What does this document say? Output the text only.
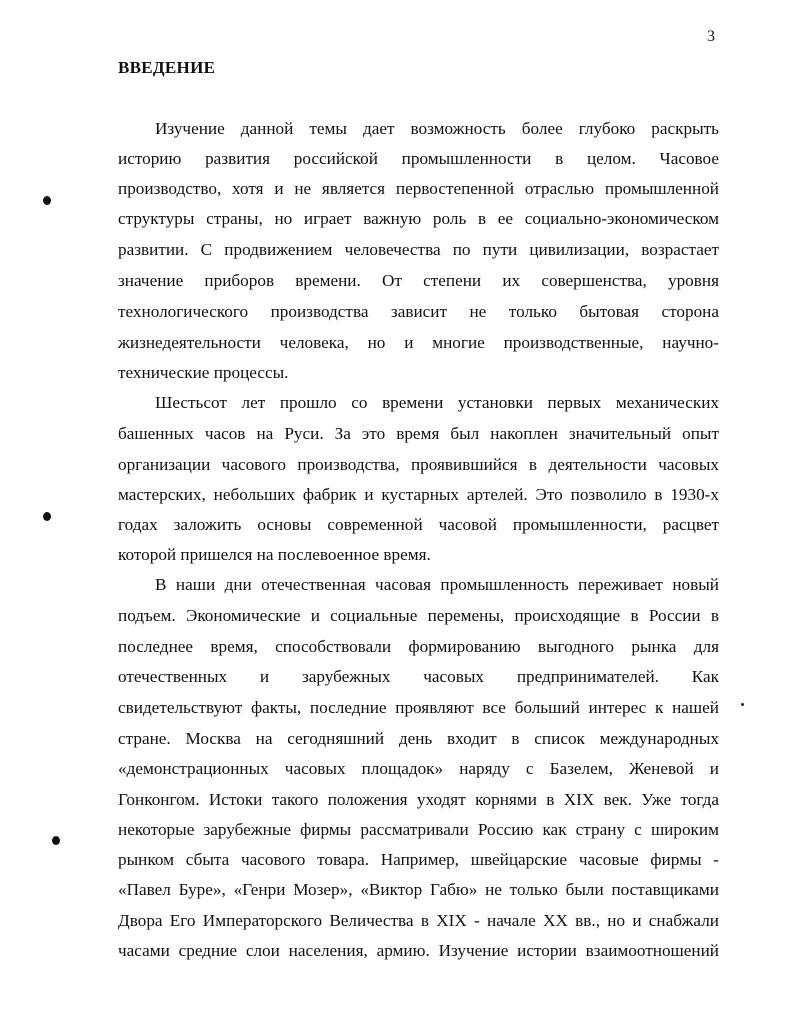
3
ВВЕДЕНИЕ
Изучение данной темы дает возможность более глубоко раскрыть
историю развития российской промышленности в целом. Часовое
производство, хотя и не является первостепенной отраслью промышленной
структуры страны, но играет важную роль в ее социально-экономическом
развитии. С продвижением человечества по пути цивилизации, возрастает
значение приборов времени. От степени их совершенства, уровня
технологического производства зависит не только бытовая сторона
жизнедеятельности человека, но и многие производственные, научно-
технические процессы.
Шестьсот лет прошло со времени установки первых механических
башенных часов на Руси. За это время был накоплен значительный опыт
организации часового производства, проявившийся в деятельности часовых
мастерских, небольших фабрик и кустарных артелей. Это позволило в 1930-х
годах заложить основы современной часовой промышленности, расцвет
которой пришелся на послевоенное время.
В наши дни отечественная часовая промышленность переживает новый
подъем. Экономические и социальные перемены, происходящие в России в
последнее время, способствовали формированию выгодного рынка для
отечественных и зарубежных часовых предпринимателей. Как
свидетельствуют факты, последние проявляют все больший интерес к нашей
стране. Москва на сегодняшний день входит в список международных
«демонстрационных часовых площадок» наряду с Базелем, Женевой и
Гонконгом. Истоки такого положения уходят корнями в XIX век. Уже тогда
некоторые зарубежные фирмы рассматривали Россию как страну с широким
рынком сбыта часового товара. Например, швейцарские часовые фирмы -
«Павел Буре», «Генри Мозер», «Виктор Габю» не только были поставщиками
Двора Его Императорского Величества в XIX - начале XX вв., но и снабжали
часами средние слои населения, армию. Изучение истории взаимоотношений
